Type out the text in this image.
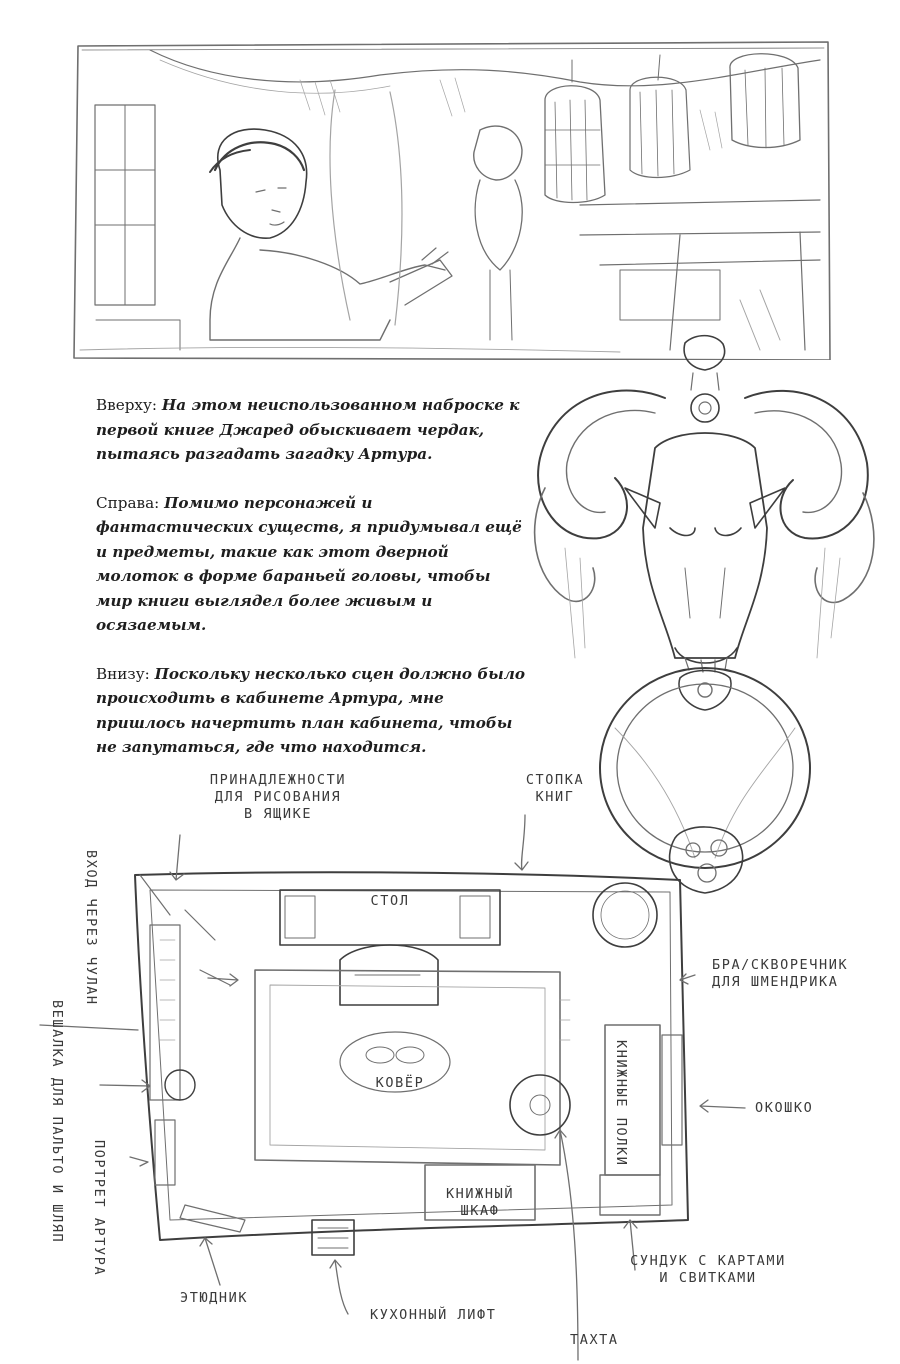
Вверху: На этом неиспользованном наброске к первой книге Джаред обыскивает чердак, пытаясь разгадать загадку Артура.

Справа: Помимо персонажей и фантастических существ, я придумывал ещё и предметы, такие как этот дверной молоток в форме бараньей головы, чтобы мир книги выглядел более живым и осязаемым.

Внизу: Поскольку несколько сцен должно было происходить в кабинете Артура, мне пришлось начертить план кабинета, чтобы не запутаться, где что находится.

ПРИНАДЛЕЖНОСТИ
ДЛЯ РИСОВАНИЯ
В ЯЩИКЕ
СТОПКА
КНИГ
ВХОД ЧЕРЕЗ ЧУЛАН
ВЕШАЛКА ДЛЯ ПАЛЬТО И ШЛЯП
ПОРТРЕТ АРТУРА
СТОЛ
КОВЁР
БРА/СКВОРЕЧНИК
ДЛЯ ШМЕНДРИКА
ОКОШКО
КНИЖНЫЕ ПОЛКИ
КНИЖНЫЙ
ШКАФ
СУНДУК С КАРТАМИ
И СВИТКАМИ
ЭТЮДНИК
КУХОННЫЙ ЛИФТ
ТАХТА
